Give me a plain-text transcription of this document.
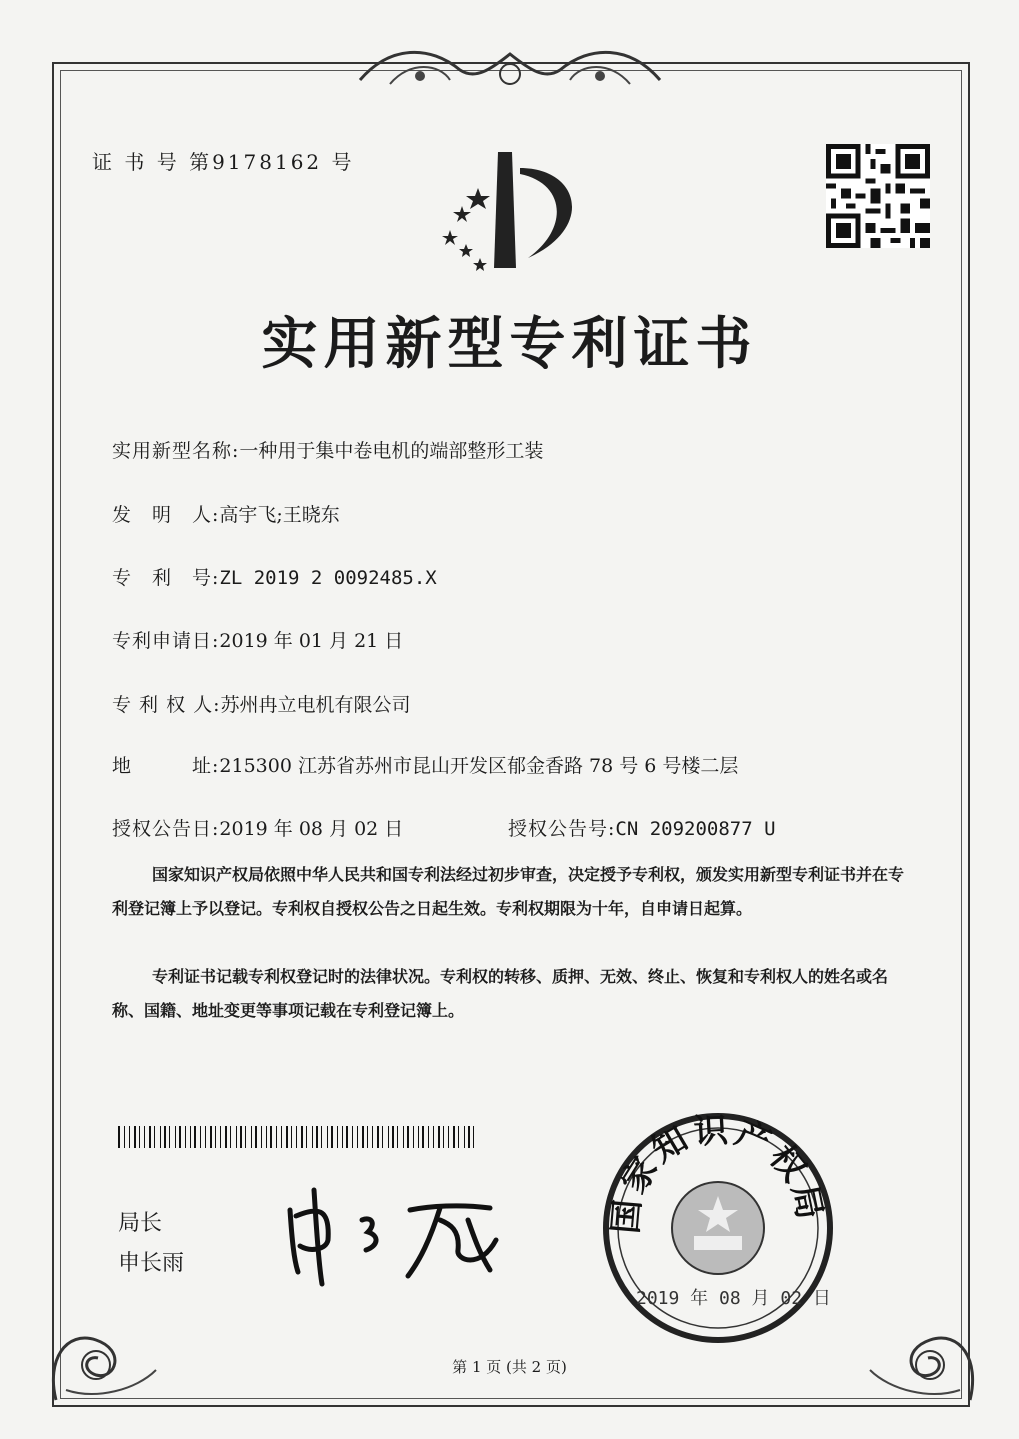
证 书 号 第9178162 号
实用新型专利证书
实用新型名称:一种用于集中卷电机的端部整形工装
发　明　人:高宇飞;王晓东
专　利　号:ZL 2019 2 0092485.X
专利申请日:2019 年 01 月 21 日
专 利 权 人:苏州冉立电机有限公司
地　　　址:215300 江苏省苏州市昆山开发区郁金香路 78 号 6 号楼二层
授权公告日:2019 年 08 月 02 日	授权公告号:CN 209200877 U
国家知识产权局依照中华人民共和国专利法经过初步审查，决定授予专利权，颁发实用新型专利证书并在专利登记簿上予以登记。专利权自授权公告之日起生效。专利权期限为十年，自申请日起算。
专利证书记载专利权登记时的法律状况。专利权的转移、质押、无效、终止、恢复和专利权人的姓名或名称、国籍、地址变更等事项记载在专利登记簿上。
局长
申长雨
国家知识产权局
2019 年 08 月 02 日
第 1 页 (共 2 页)
